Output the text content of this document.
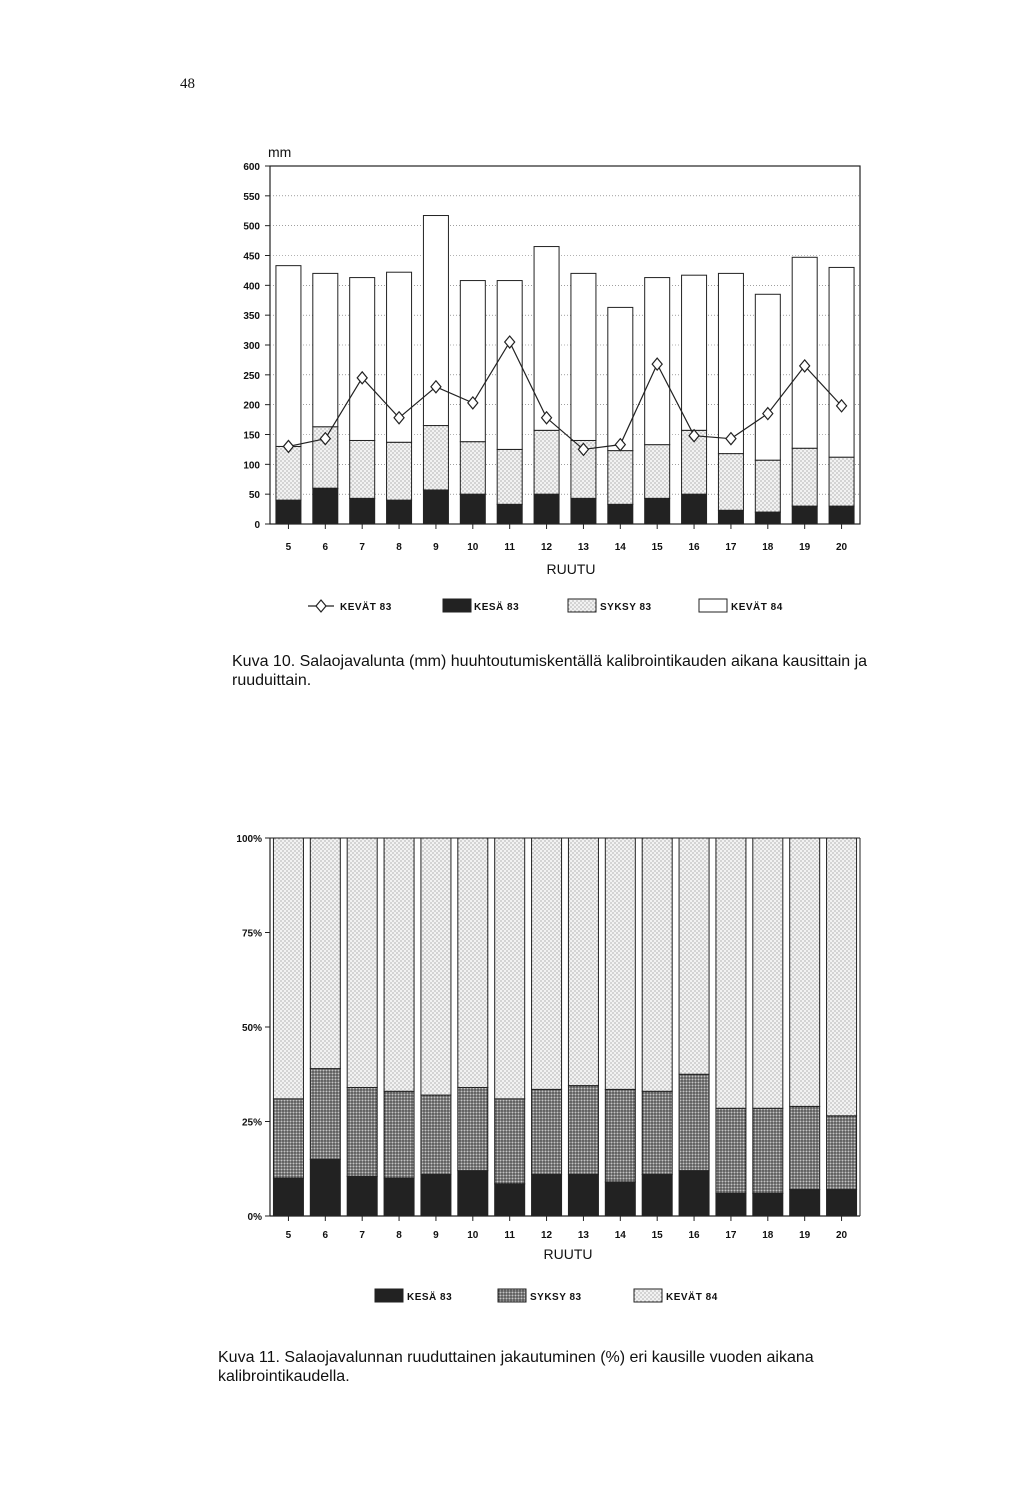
48
mm
600
550
500
450
400
350
300
250
200
150
100
50
0
5	6	7	8	9	10	11	12	13	14	15	16	17	18	19	20
RUUTU
KEVÄT 83	KESÄ 83	SYKSY 83	KEVÄT 84
Kuva 10. Salaojavalunta (mm) huuhtoutumiskentällä kalibrointikauden aikana kausittain ja ruuduittain.
100%
75%
50%
25%
0%
5	6	7	8	9	10	11	12	13	14	15	16	17	18	19	20
RUUTU
KESÄ 83	SYKSY 83	KEVÄT 84
Kuva 11. Salaojavalunnan ruuduttainen jakautuminen (%) eri kausille vuoden aikana kalibrointikaudella.
